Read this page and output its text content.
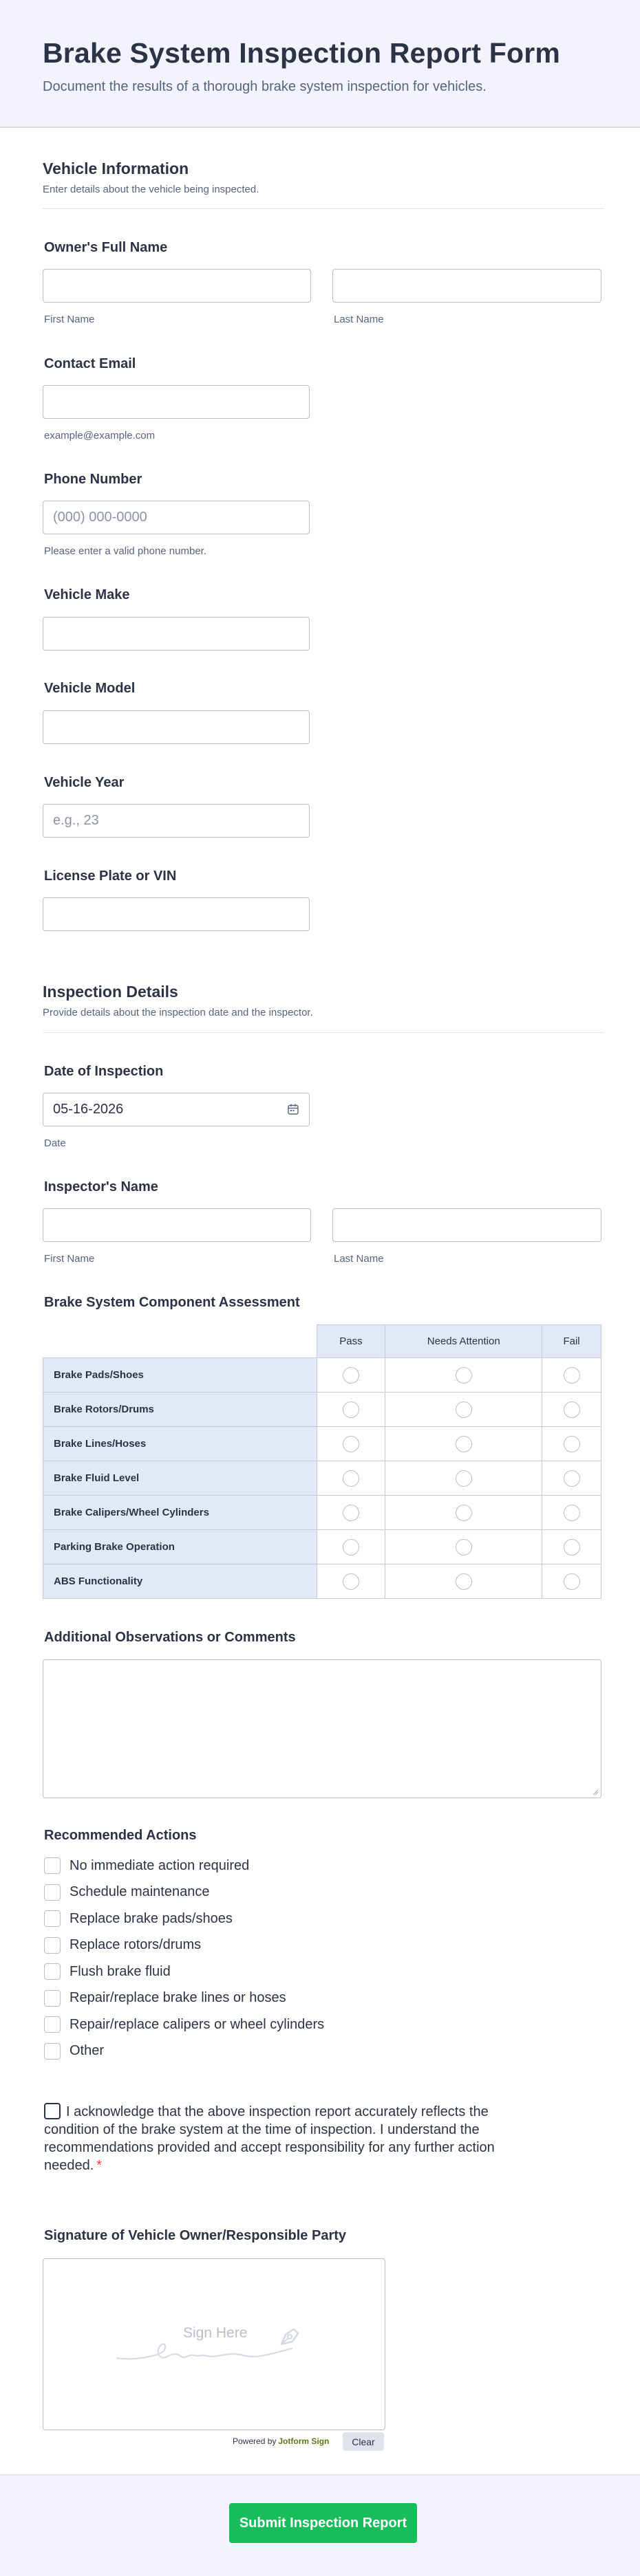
Brake System Inspection Report Form
Document the results of a thorough brake system inspection for vehicles.
Vehicle Information
Enter details about the vehicle being inspected.
Owner's Full Name
First Name	Last Name
Contact Email
example@example.com
Phone Number
(000) 000-0000
Please enter a valid phone number.
Vehicle Make
Vehicle Model
Vehicle Year
e.g., 23
License Plate or VIN
Inspection Details
Provide details about the inspection date and the inspector.
Date of Inspection
05-16-2026
Date
Inspector's Name
First Name	Last Name
Brake System Component Assessment
	Pass	Needs Attention	Fail
Brake Pads/Shoes			
Brake Rotors/Drums			
Brake Lines/Hoses			
Brake Fluid Level			
Brake Calipers/Wheel Cylinders			
Parking Brake Operation			
ABS Functionality			
Additional Observations or Comments
Recommended Actions
No immediate action required
Schedule maintenance
Replace brake pads/shoes
Replace rotors/drums
Flush brake fluid
Repair/replace brake lines or hoses
Repair/replace calipers or wheel cylinders
Other
I acknowledge that the above inspection report accurately reflects the condition of the brake system at the time of inspection. I understand the recommendations provided and accept responsibility for any further action needed. *
Signature of Vehicle Owner/Responsible Party
Sign Here
Powered by Jotform Sign	Clear
Submit Inspection Report
